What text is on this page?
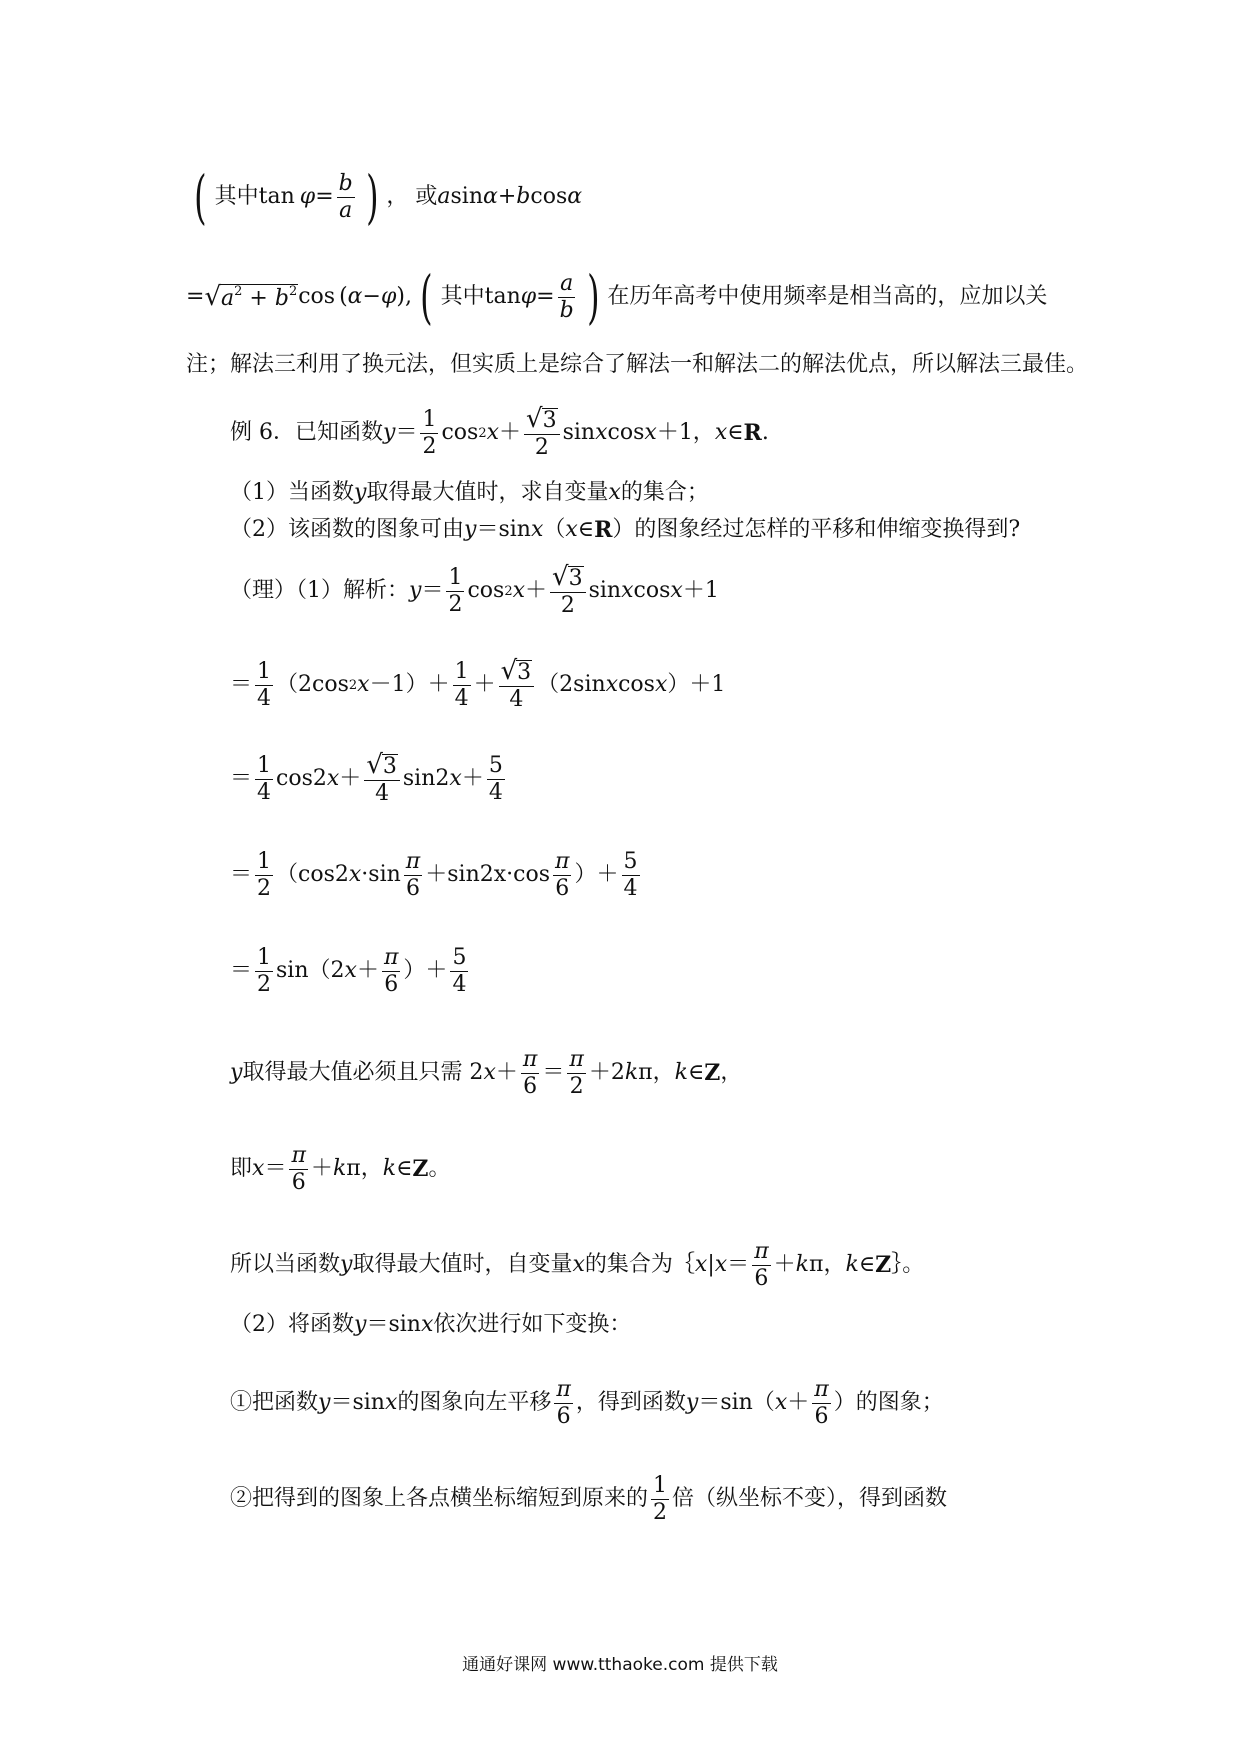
( 其中 $\tan \varphi = \frac{b}{a}$ ) ， 或 a sin α + b cos α
= √ $a^2 + b^2$ cos ( α − φ ) , ( 其中 $\tan \varphi = \frac{a}{b}$ ) 在历年高考中使用频率是相当高的，应加以关
注；解法三利用了换元法，但实质上是综合了解法一和解法二的解法优点，所以解法三最佳。
例 6．已知函数 y ＝
1
2
cos 2 x ＋ √ 3
2
sin x cos x ＋1， x ∈ R .
（1）当函数 y 取得最大值时，求自变量 x 的集合；
（2）该函数的图象可由 y ＝sin x （ x ∈ R ）的图象经过怎样的平移和伸缩变换得到?
（理）（1）解析： y ＝
1
2
cos 2 x ＋ √ 3
2
sin x cos x ＋1
＝
1
4
（2cos 2 x －1）＋
1
4
＋ √ 3
4
（2sin x cos x ）＋1
＝
1
4
cos2 x ＋ √ 3
4
sin2 x ＋
5
4
＝
1
2
（cos2 x ·sin
π
6
＋sin2x·cos
π
6
）＋
5
4
＝
1
2
sin（2 x ＋
π
6
）＋
5
4
y 取得最大值必须且只需 2 x ＋
π
6
＝
π
2
＋2 k π， k ∈ Z ，
即 x ＝
π
6
＋ k π， k ∈ Z 。
所以当函数 y 取得最大值时，自变量 x 的集合为｛ x | x ＝
π
6
＋ k π， k ∈ Z ｝。
（2）将函数 y ＝sin x 依次进行如下变换：
①把函数 y ＝sin x 的图象向左平移
π
6
，得到函数 y ＝sin（ x ＋
π
6
）的图象；
②把得到的图象上各点横坐标缩短到原来的
1
2
倍（纵坐标不变），得到函数
通通好课网 www.tthaoke.com 提供下载
